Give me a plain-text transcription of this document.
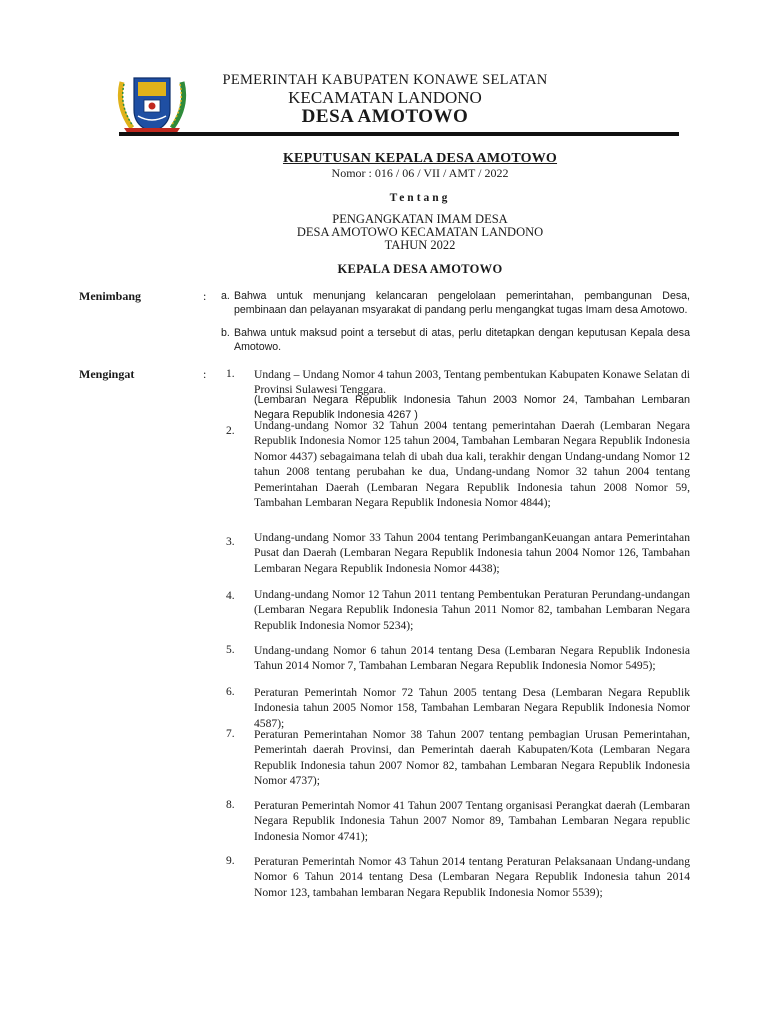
PEMERINTAH KABUPATEN KONAWE SELATAN
KECAMATAN LANDONO
DESA AMOTOWO
KEPUTUSAN KEPALA DESA AMOTOWO
Nomor : 016 / 06 / VII / AMT / 2022
Tentang
PENGANGKATAN IMAM DESA
DESA AMOTOWO KECAMATAN LANDONO
TAHUN 2022
KEPALA DESA AMOTOWO
Menimbang	: a. Bahwa untuk menunjang kelancaran pengelolaan pemerintahan, pembangunan Desa, pembinaan dan pelayanan msyarakat di pandang perlu mengangkat tugas Imam desa Amotowo.
b. Bahwa untuk maksud point a tersebut di atas, perlu ditetapkan dengan keputusan Kepala desa Amotowo.
Mengingat	: 1. Undang – Undang Nomor 4 tahun 2003, Tentang pembentukan Kabupaten Konawe Selatan di Provinsi Sulawesi Tenggara.
(Lembaran Negara Republik Indonesia Tahun 2003 Nomor 24, Tambahan Lembaran Negara Republik Indonesia 4267 )
2. Undang-undang Nomor 32 Tahun 2004 tentang pemerintahan Daerah (Lembaran Negara Republik Indonesia Nomor 125 tahun 2004, Tambahan Lembaran Negara Republik Indonesia Nomor 4437) sebagaimana telah di ubah dua kali, terakhir dengan Undang-undang Nomor 12 tahun 2008 tentang perubahan ke dua, Undang-undang Nomor 32 tahun 2004 tentang Pemerintahan Daerah (Lembaran Negara Republik Indonesia tahun 2008 Nomor 59, Tambahan Lembaran Negara Republik Indonesia Nomor 4844);
3. Undang-undang Nomor 33 Tahun 2004 tentang PerimbanganKeuangan antara Pemerintahan Pusat dan Daerah (Lembaran Negara Republik Indonesia tahun 2004 Nomor 126, Tambahan Lembaran Negara Republik Indonesia Nomor 4438);
4. Undang-undang Nomor 12 Tahun 2011 tentang Pembentukan Peraturan Perundang-undangan (Lembaran Negara Republik Indonesia Tahun 2011 Nomor 82, tambahan Lembaran Negara Republik Indonesia Nomor 5234);
5. Undang-undang Nomor 6 tahun 2014 tentang Desa (Lembaran Negara Republik Indonesia Tahun 2014 Nomor 7, Tambahan Lembaran Negara Republik Indonesia Nomor 5495);
6. Peraturan Pemerintah Nomor 72 Tahun 2005 tentang Desa (Lembaran Negara Republik Indonesia tahun 2005 Nomor 158, Tambahan Lembaran Negara Republik Indonesia Nomor 4587);
7. Peraturan Pemerintahan Nomor 38 Tahun 2007 tentang pembagian Urusan Pemerintahan, Pemerintah daerah Provinsi, dan Pemerintah daerah Kabupaten/Kota (Lembaran Negara Republik Indonesia tahun 2007 Nomor 82, tambahan Lembaran Negara Republik Indonesia Nomor 4737);
8. Peraturan Pemerintah Nomor 41 Tahun 2007 Tentang organisasi Perangkat daerah (Lembaran Negara Republik Indonesia Tahun 2007 Nomor 89, Tambahan Lembaran Negara republic Indonesia Nomor 4741);
9. Peraturan Pemerintah Nomor 43 Tahun 2014 tentang Peraturan Pelaksanaan Undang-undang Nomor 6 Tahun 2014 tentang Desa (Lembaran Negara Republik Indonesia tahun 2014 Nomor 123, tambahan lembaran Negara Republik Indonesia Nomor 5539);
